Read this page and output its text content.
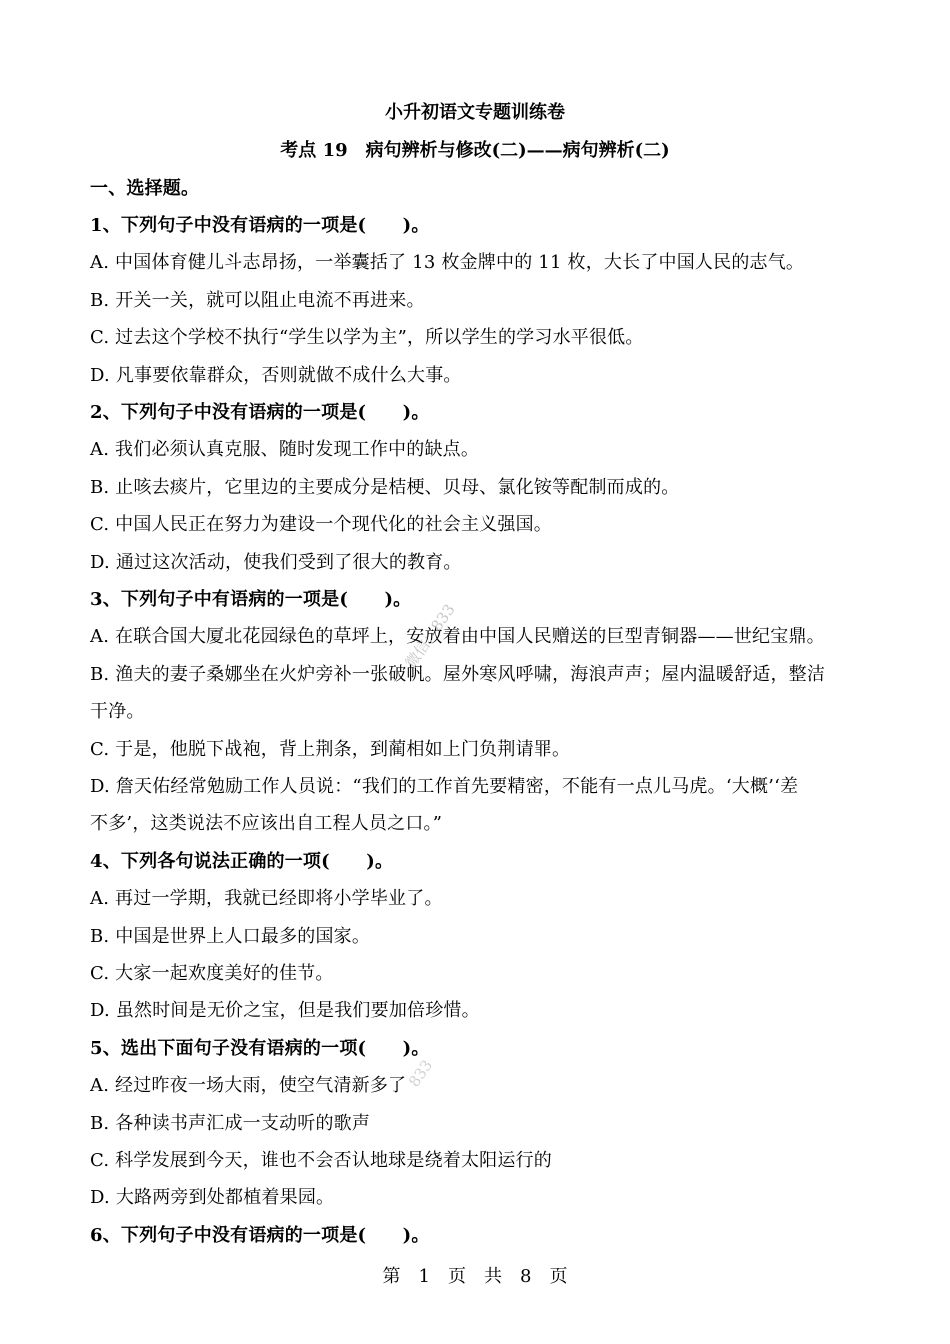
小升初语文专题训练卷
考点 19　病句辨析与修改(二)——病句辨析(二)
一、选择题。
1、下列句子中没有语病的一项是(　　)。
A. 中国体育健儿斗志昂扬，一举囊括了 13 枚金牌中的 11 枚，大长了中国人民的志气。
B. 开关一关，就可以阻止电流不再进来。
C. 过去这个学校不执行“学生以学为主”，所以学生的学习水平很低。
D. 凡事要依靠群众，否则就做不成什么大事。
2、下列句子中没有语病的一项是(　　)。
A. 我们必须认真克服、随时发现工作中的缺点。
B. 止咳去痰片，它里边的主要成分是桔梗、贝母、氯化铵等配制而成的。
C. 中国人民正在努力为建设一个现代化的社会主义强国。
D. 通过这次活动，使我们受到了很大的教育。
3、下列句子中有语病的一项是(　　)。
A. 在联合国大厦北花园绿色的草坪上，安放着由中国人民赠送的巨型青铜器——世纪宝鼎。
B. 渔夫的妻子桑娜坐在火炉旁补一张破帆。屋外寒风呼啸，海浪声声；屋内温暖舒适，整洁
干净。
C. 于是，他脱下战袍，背上荆条，到蔺相如上门负荆请罪。
D. 詹天佑经常勉励工作人员说：“我们的工作首先要精密，不能有一点儿马虎。‘大概’‘差
不多’，这类说法不应该出自工程人员之口。”
4、下列各句说法正确的一项(　　)。
A. 再过一学期，我就已经即将小学毕业了。
B. 中国是世界上人口最多的国家。
C. 大家一起欢度美好的佳节。
D. 虽然时间是无价之宝，但是我们要加倍珍惜。
5、选出下面句子没有语病的一项(　　)。
A. 经过昨夜一场大雨，使空气清新多了
B. 各种读书声汇成一支动听的歌声
C. 科学发展到今天，谁也不会否认地球是绕着太阳运行的
D. 大路两旁到处都植着果园。
6、下列句子中没有语病的一项是(　　)。
微信：833
833
第　1　页　共　8　页
